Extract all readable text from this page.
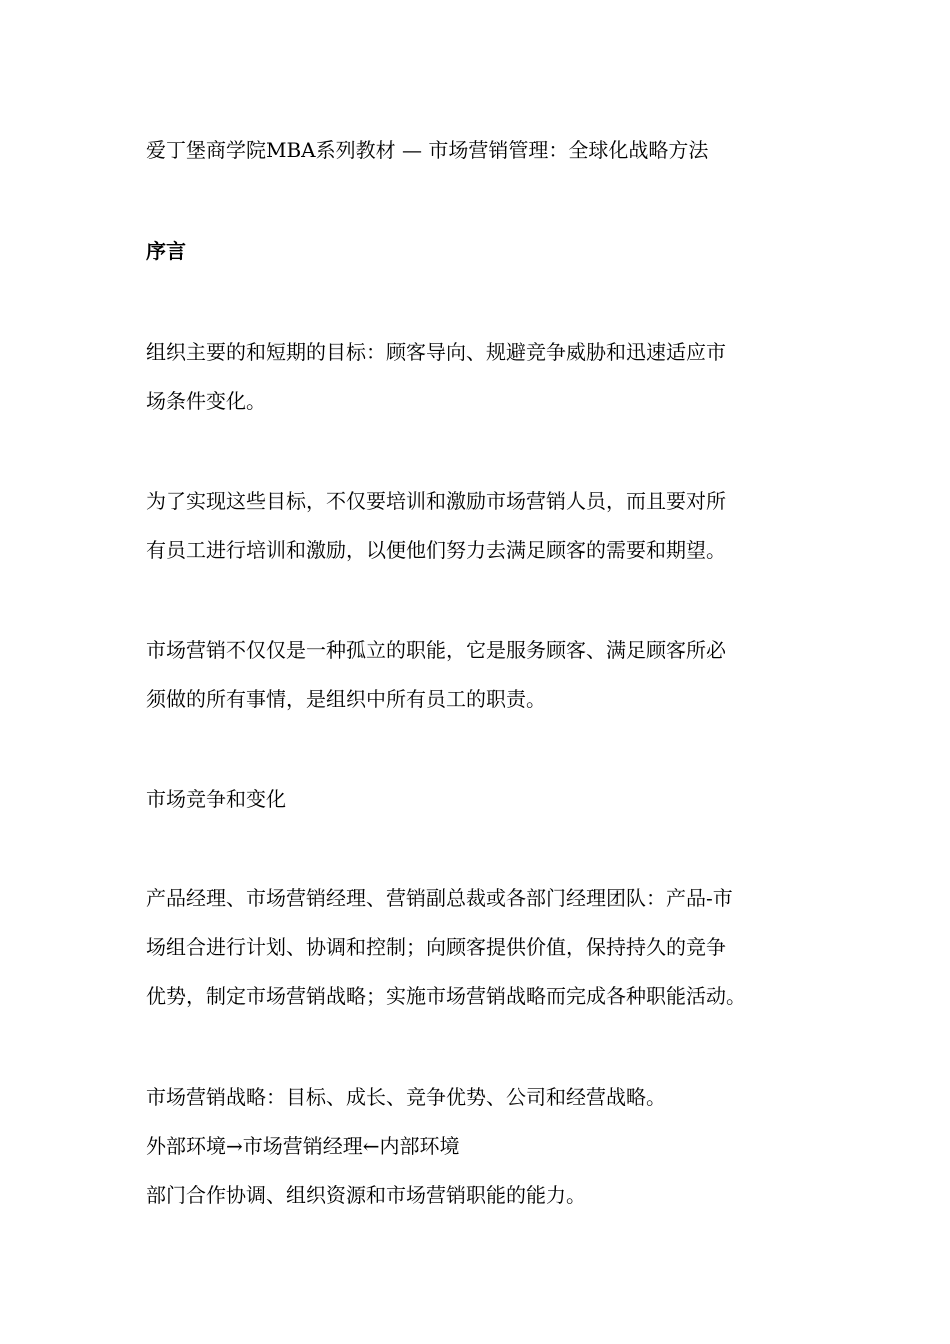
爱丁堡商学院MBA系列教材 — 市场营销管理：全球化战略方法
序言
组织主要的和短期的目标：顾客导向、规避竞争威胁和迅速适应市
场条件变化。
为了实现这些目标，不仅要培训和激励市场营销人员，而且要对所
有员工进行培训和激励，以便他们努力去满足顾客的需要和期望。
市场营销不仅仅是一种孤立的职能，它是服务顾客、满足顾客所必
须做的所有事情，是组织中所有员工的职责。
市场竞争和变化
产品经理、市场营销经理、营销副总裁或各部门经理团队：产品-市
场组合进行计划、协调和控制；向顾客提供价值，保持持久的竞争
优势，制定市场营销战略；实施市场营销战略而完成各种职能活动。
市场营销战略：目标、成长、竞争优势、公司和经营战略。
外部环境→市场营销经理←内部环境
部门合作协调、组织资源和市场营销职能的能力。
